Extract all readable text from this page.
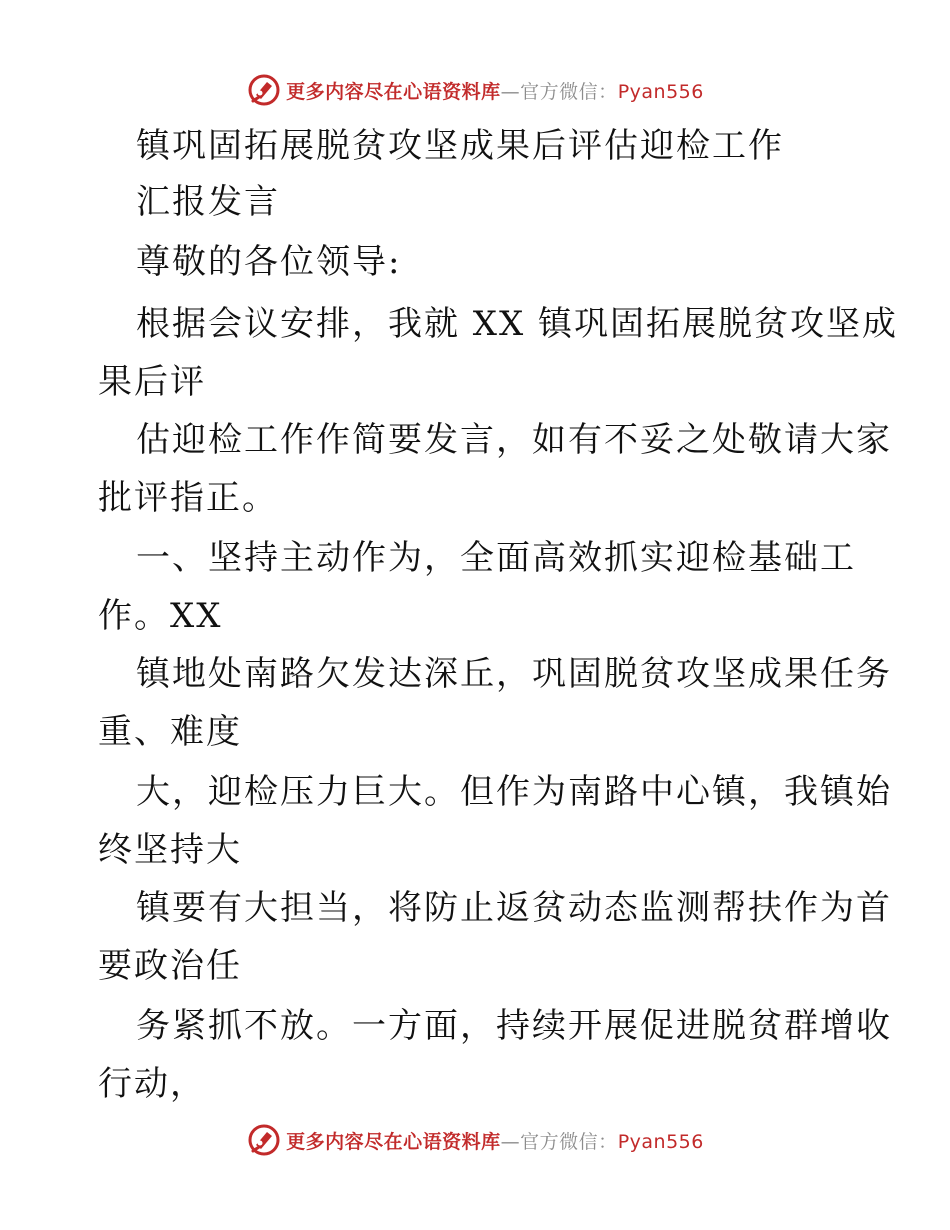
更多内容尽在心语资料库—官方微信：Pyan556
镇巩固拓展脱贫攻坚成果后评估迎检工作
汇报发言
尊敬的各位领导:
根据会议安排，我就 XX 镇巩固拓展脱贫攻坚成
果后评
估迎检工作作简要发言，如有不妥之处敬请大家
批评指正。
一、坚持主动作为，全面高效抓实迎检基础工
作。XX
镇地处南路欠发达深丘，巩固脱贫攻坚成果任务
重、难度
大，迎检压力巨大。但作为南路中心镇，我镇始
终坚持大
镇要有大担当，将防止返贫动态监测帮扶作为首
要政治任
务紧抓不放。一方面，持续开展促进脱贫群增收
行动，
更多内容尽在心语资料库—官方微信：Pyan556
